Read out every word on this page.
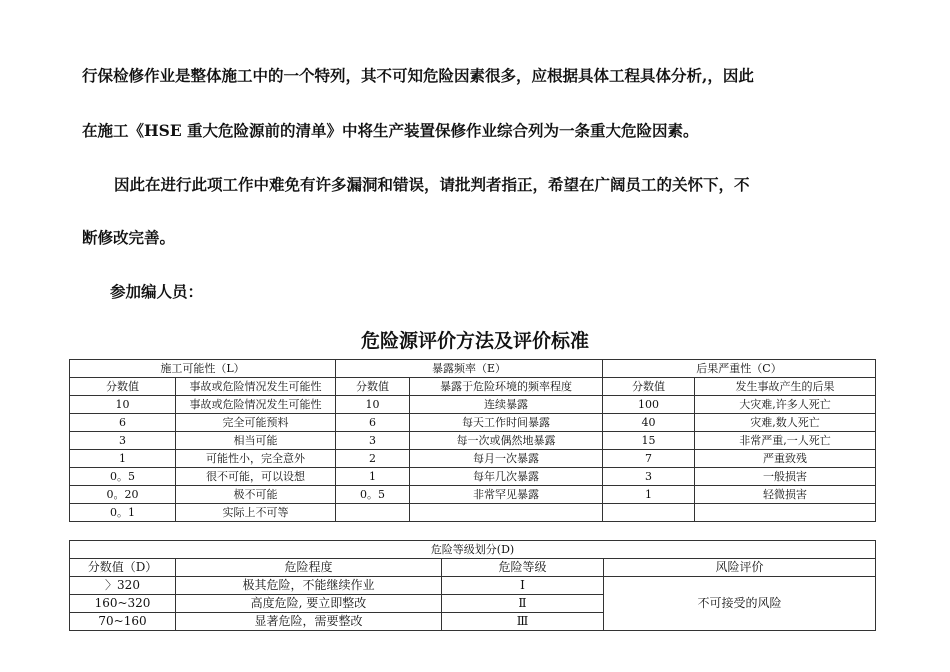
行保检修作业是整体施工中的一个特列，其不可知危险因素很多，应根据具体工程具体分析,，因此

在施工《HSE 重大危险源前的清单》中将生产装置保修作业综合列为一条重大危险因素。

因此在进行此项工作中难免有许多漏洞和错误，请批判者指正，希望在广阔员工的关怀下，不

断修改完善。

参加编人员：

危险源评价方法及评价标准
施工可能性（L）		暴露频率（E）		后果严重性（C）	
分数值	事故或危险情况发生可能性	分数值	暴露于危险环境的频率程度	分数值	发生事故产生的后果
10	事故或危险情况发生可能性	10	连续暴露	100	大灾难,许多人死亡
6	完全可能预料	6	每天工作时间暴露	40	灾难,数人死亡
3	相当可能	3	每一次或偶然地暴露	15	非常严重,一人死亡
1	可能性小，完全意外	2	每月一次暴露	7	严重致残
0。5	很不可能，可以设想	1	每年几次暴露	3	一般损害
0。20	极不可能	0。5	非常罕见暴露	1	轻微损害
0。1	实际上不可等				
危险等级划分(D)			
分数值（D）	危险程度	危险等级	风险评价
〉320	极其危险，不能继续作业	Ⅰ	不可接受的风险
160~320	高度危险, 要立即整改	Ⅱ	
70~160	显著危险，需要整改	Ⅲ	
